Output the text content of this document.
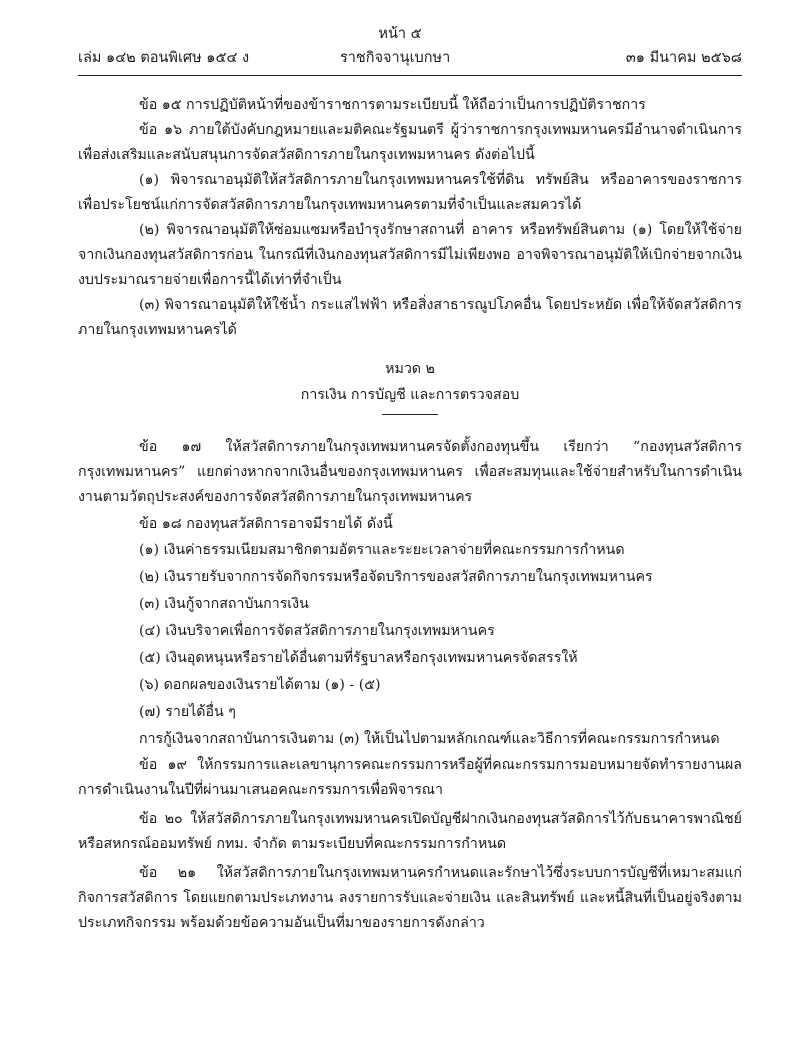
หน้า ๕
เล่ม ๑๔๒ ตอนพิเศษ ๑๕๔ ง	ราชกิจจานุเบกษา	๓๑ มีนาคม ๒๕๖๘

ข้อ ๑๕ การปฏิบัติหน้าที่ของข้าราชการตามระเบียบนี้ ให้ถือว่าเป็นการปฏิบัติราชการ

ข้อ ๑๖ ภายใต้บังคับกฎหมายและมติคณะรัฐมนตรี ผู้ว่าราชการกรุงเทพมหานครมีอำนาจดำเนินการเพื่อส่งเสริมและสนับสนุนการจัดสวัสดิการภายในกรุงเทพมหานคร ดังต่อไปนี้

(๑) พิจารณาอนุมัติให้สวัสดิการภายในกรุงเทพมหานครใช้ที่ดิน ทรัพย์สิน หรืออาคารของราชการ เพื่อประโยชน์แก่การจัดสวัสดิการภายในกรุงเทพมหานครตามที่จำเป็นและสมควรได้

(๒) พิจารณาอนุมัติให้ซ่อมแซมหรือบำรุงรักษาสถานที่ อาคาร หรือทรัพย์สินตาม (๑) โดยให้ใช้จ่ายจากเงินกองทุนสวัสดิการก่อน ในกรณีที่เงินกองทุนสวัสดิการมีไม่เพียงพอ อาจพิจารณาอนุมัติให้เบิกจ่ายจากเงินงบประมาณรายจ่ายเพื่อการนี้ได้เท่าที่จำเป็น

(๓) พิจารณาอนุมัติให้ใช้น้ำ กระแสไฟฟ้า หรือสิ่งสาธารณูปโภคอื่น โดยประหยัด เพื่อให้จัดสวัสดิการภายในกรุงเทพมหานครได้

หมวด ๒
การเงิน การบัญชี และการตรวจสอบ

ข้อ ๑๗ ให้สวัสดิการภายในกรุงเทพมหานครจัดตั้งกองทุนขึ้น เรียกว่า “กองทุนสวัสดิการกรุงเทพมหานคร” แยกต่างหากจากเงินอื่นของกรุงเทพมหานคร เพื่อสะสมทุนและใช้จ่ายสำหรับในการดำเนินงานตามวัตถุประสงค์ของการจัดสวัสดิการภายในกรุงเทพมหานคร

ข้อ ๑๘ กองทุนสวัสดิการอาจมีรายได้ ดังนี้

(๑) เงินค่าธรรมเนียมสมาชิกตามอัตราและระยะเวลาจ่ายที่คณะกรรมการกำหนด

(๒) เงินรายรับจากการจัดกิจกรรมหรือจัดบริการของสวัสดิการภายในกรุงเทพมหานคร

(๓) เงินกู้จากสถาบันการเงิน

(๔) เงินบริจาคเพื่อการจัดสวัสดิการภายในกรุงเทพมหานคร

(๕) เงินอุดหนุนหรือรายได้อื่นตามที่รัฐบาลหรือกรุงเทพมหานครจัดสรรให้

(๖) ดอกผลของเงินรายได้ตาม (๑) - (๕)

(๗) รายได้อื่น ๆ

การกู้เงินจากสถาบันการเงินตาม (๓) ให้เป็นไปตามหลักเกณฑ์และวิธีการที่คณะกรรมการกำหนด

ข้อ ๑๙ ให้กรรมการและเลขานุการคณะกรรมการหรือผู้ที่คณะกรรมการมอบหมายจัดทำรายงานผลการดำเนินงานในปีที่ผ่านมาเสนอคณะกรรมการเพื่อพิจารณา

ข้อ ๒๐ ให้สวัสดิการภายในกรุงเทพมหานครเปิดบัญชีฝากเงินกองทุนสวัสดิการไว้กับธนาคารพาณิชย์หรือสหกรณ์ออมทรัพย์ กทม. จำกัด ตามระเบียบที่คณะกรรมการกำหนด

ข้อ ๒๑ ให้สวัสดิการภายในกรุงเทพมหานครกำหนดและรักษาไว้ซึ่งระบบการบัญชีที่เหมาะสมแก่กิจการสวัสดิการ โดยแยกตามประเภทงาน ลงรายการรับและจ่ายเงิน และสินทรัพย์ และหนี้สินที่เป็นอยู่จริงตามประเภทกิจกรรม พร้อมด้วยข้อความอันเป็นที่มาของรายการดังกล่าว
